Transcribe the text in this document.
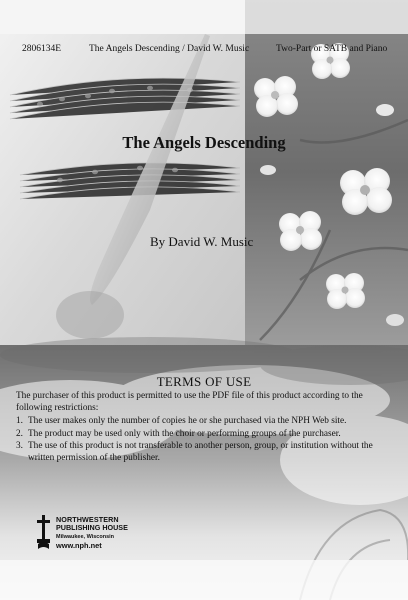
2806134E	The Angels Descending / David W. Music	Two-Part or SATB and Piano
The Angels Descending
By David W. Music
TERMS OF USE
The purchaser of this product is permitted to use the PDF file of this product according to the following restrictions:
1. The user makes only the number of copies he or she purchased via the NPH Web site.
2. The product may be used only with the choir or performing groups of the purchaser.
3. The use of this product is not transferable to another person, group, or institution without the written permission of the publisher.
NORTHWESTERN
PUBLISHING HOUSE
Milwaukee, Wisconsin
www.nph.net
